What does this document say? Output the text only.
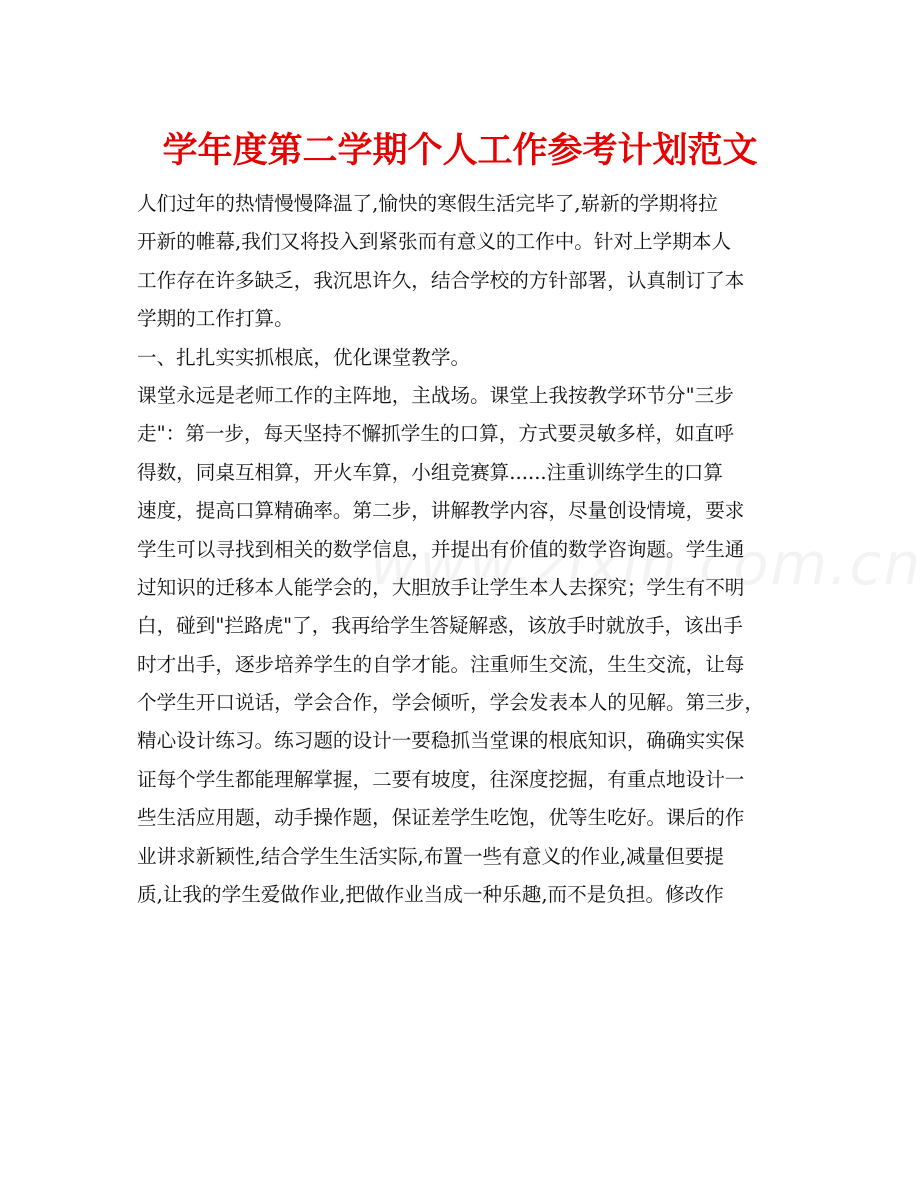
学年度第二学期个人工作参考计划范文

人们过年的热情慢慢降温了,愉快的寒假生活完毕了,崭新的学期将拉
开新的帷幕,我们又将投入到紧张而有意义的工作中。针对上学期本人
工作存在许多缺乏，我沉思许久，结合学校的方针部署，认真制订了本
学期的工作打算。

一、扎扎实实抓根底，优化课堂教学。

课堂永远是老师工作的主阵地，主战场。课堂上我按教学环节分"三步
走"：第一步，每天坚持不懈抓学生的口算，方式要灵敏多样，如直呼
得数，同桌互相算，开火车算，小组竞赛算......注重训练学生的口算
速度，提高口算精确率。第二步，讲解教学内容，尽量创设情境，要求
学生可以寻找到相关的数学信息，并提出有价值的数学咨询题。学生通
过知识的迁移本人能学会的，大胆放手让学生本人去探究；学生有不明
白，碰到"拦路虎"了，我再给学生答疑解惑，该放手时就放手，该出手
时才出手，逐步培养学生的自学才能。注重师生交流，生生交流，让每
个学生开口说话，学会合作，学会倾听，学会发表本人的见解。第三步，
精心设计练习。练习题的设计一要稳抓当堂课的根底知识，确确实实保
证每个学生都能理解掌握，二要有坡度，往深度挖掘，有重点地设计一
些生活应用题，动手操作题，保证差学生吃饱，优等生吃好。课后的作
业讲求新颖性,结合学生生活实际,布置一些有意义的作业,减量但要提
质,让我的学生爱做作业,把做作业当成一种乐趣,而不是负担。修改作
